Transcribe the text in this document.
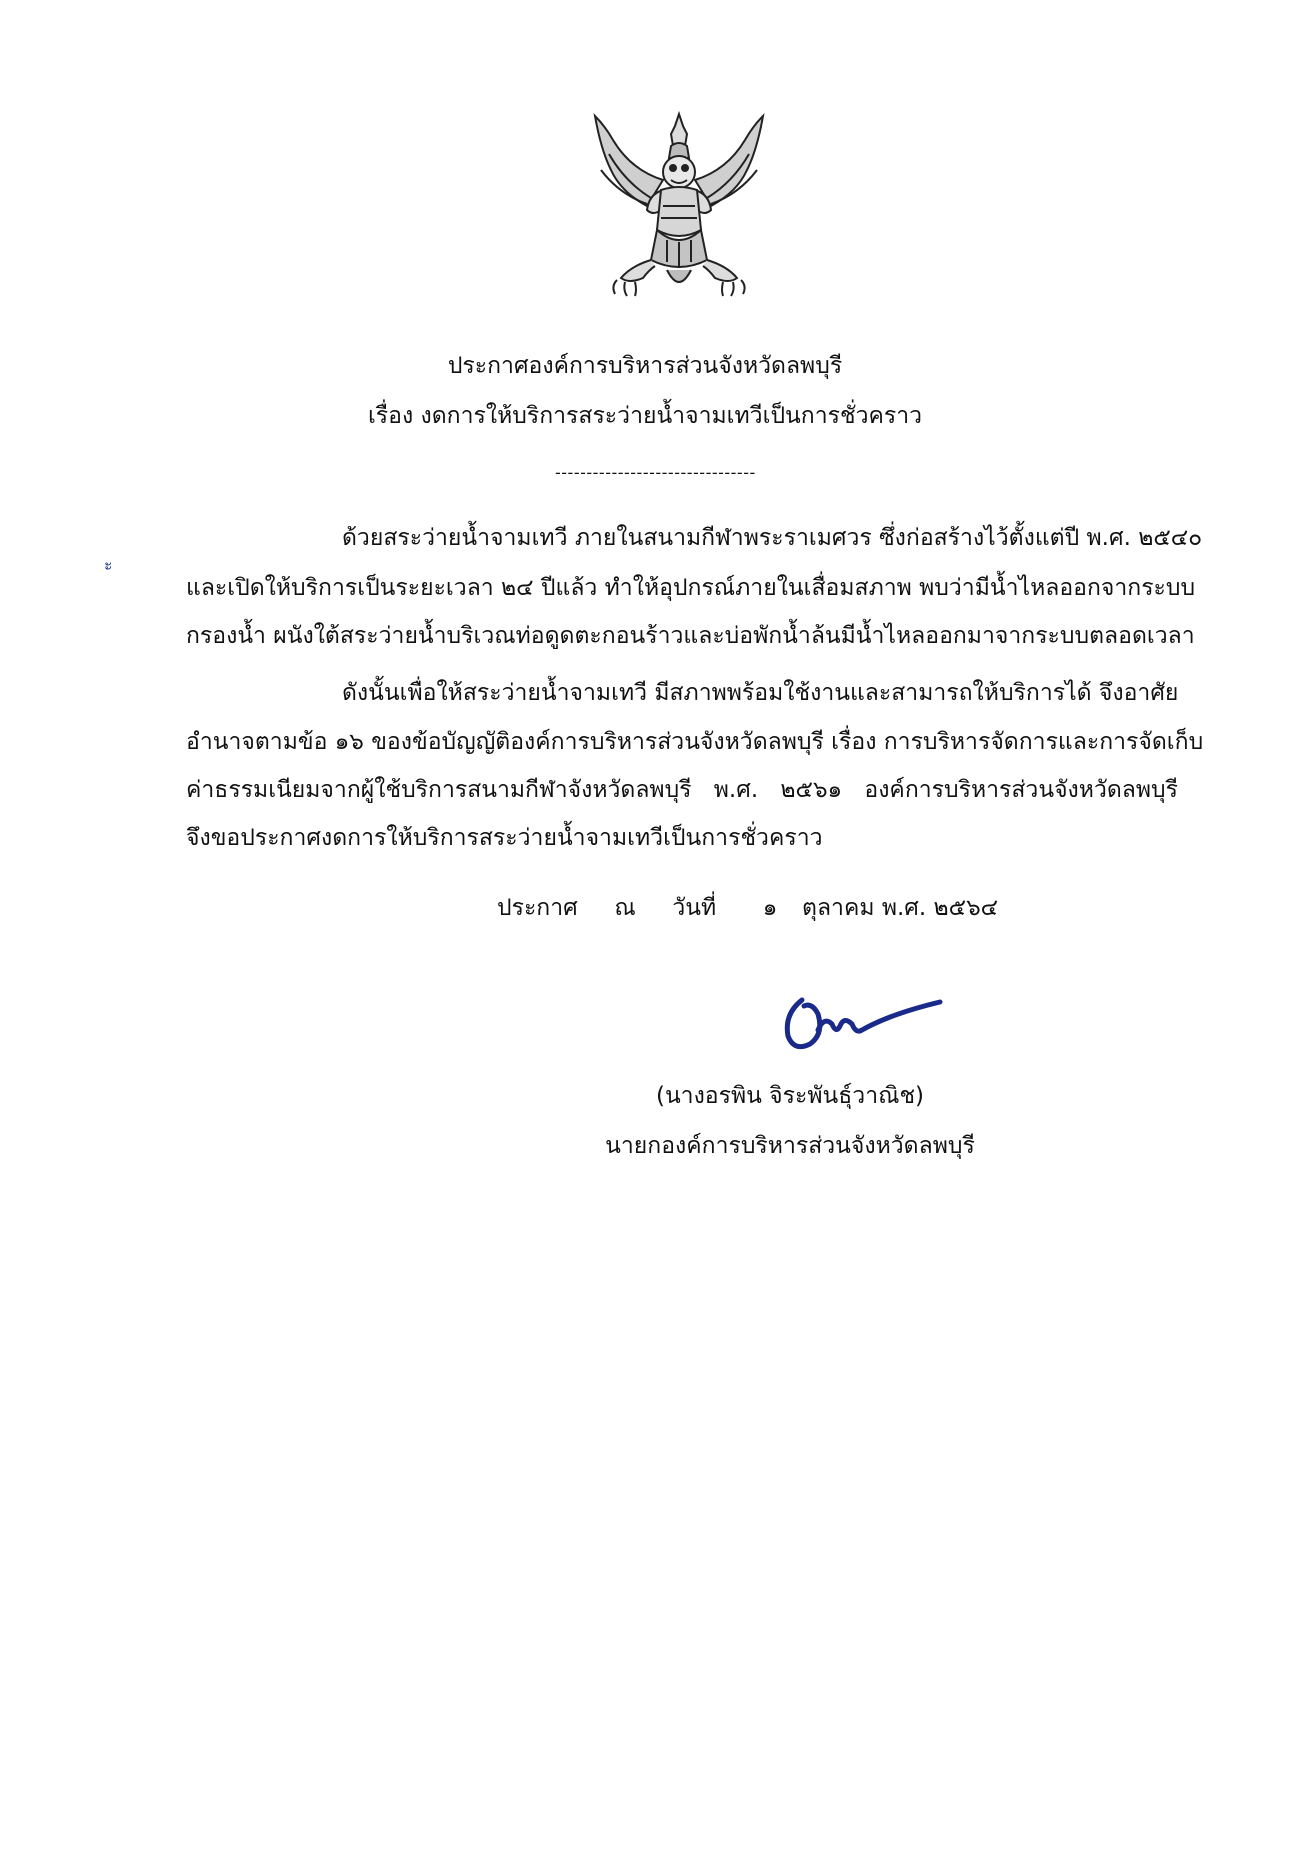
ประกาศองค์การบริหารส่วนจังหวัดลพบุรี
เรื่อง งดการให้บริการสระว่ายน้ำจามเทวีเป็นการชั่วคราว
--------------------------------
ะ
ด้วยสระว่ายน้ำจามเทวี ภายในสนามกีฬาพระราเมศวร ซึ่งก่อสร้างไว้ตั้งแต่ปี พ.ศ. ๒๕๔๐
และเปิดให้บริการเป็นระยะเวลา ๒๔ ปีแล้ว ทำให้อุปกรณ์ภายในเสื่อมสภาพ พบว่ามีน้ำไหลออกจากระบบ
กรองน้ำ ผนังใต้สระว่ายน้ำบริเวณท่อดูดตะกอนร้าวและบ่อพักน้ำล้นมีน้ำไหลออกมาจากระบบตลอดเวลา
ดังนั้นเพื่อให้สระว่ายน้ำจามเทวี มีสภาพพร้อมใช้งานและสามารถให้บริการได้ จึงอาศัย
อำนาจตามข้อ ๑๖ ของข้อบัญญัติองค์การบริหารส่วนจังหวัดลพบุรี เรื่อง การบริหารจัดการและการจัดเก็บ
ค่าธรรมเนียมจากผู้ใช้บริการสนามกีฬาจังหวัดลพบุรี พ.ศ. ๒๕๖๑ องค์การบริหารส่วนจังหวัดลพบุรี
จึงขอประกาศงดการให้บริการสระว่ายน้ำจามเทวีเป็นการชั่วคราว
ประกาศ ณ วันที่ ๑ ตุลาคม พ.ศ. ๒๕๖๔
(นางอรพิน จิระพันธุ์วาณิช)
นายกองค์การบริหารส่วนจังหวัดลพบุรี
